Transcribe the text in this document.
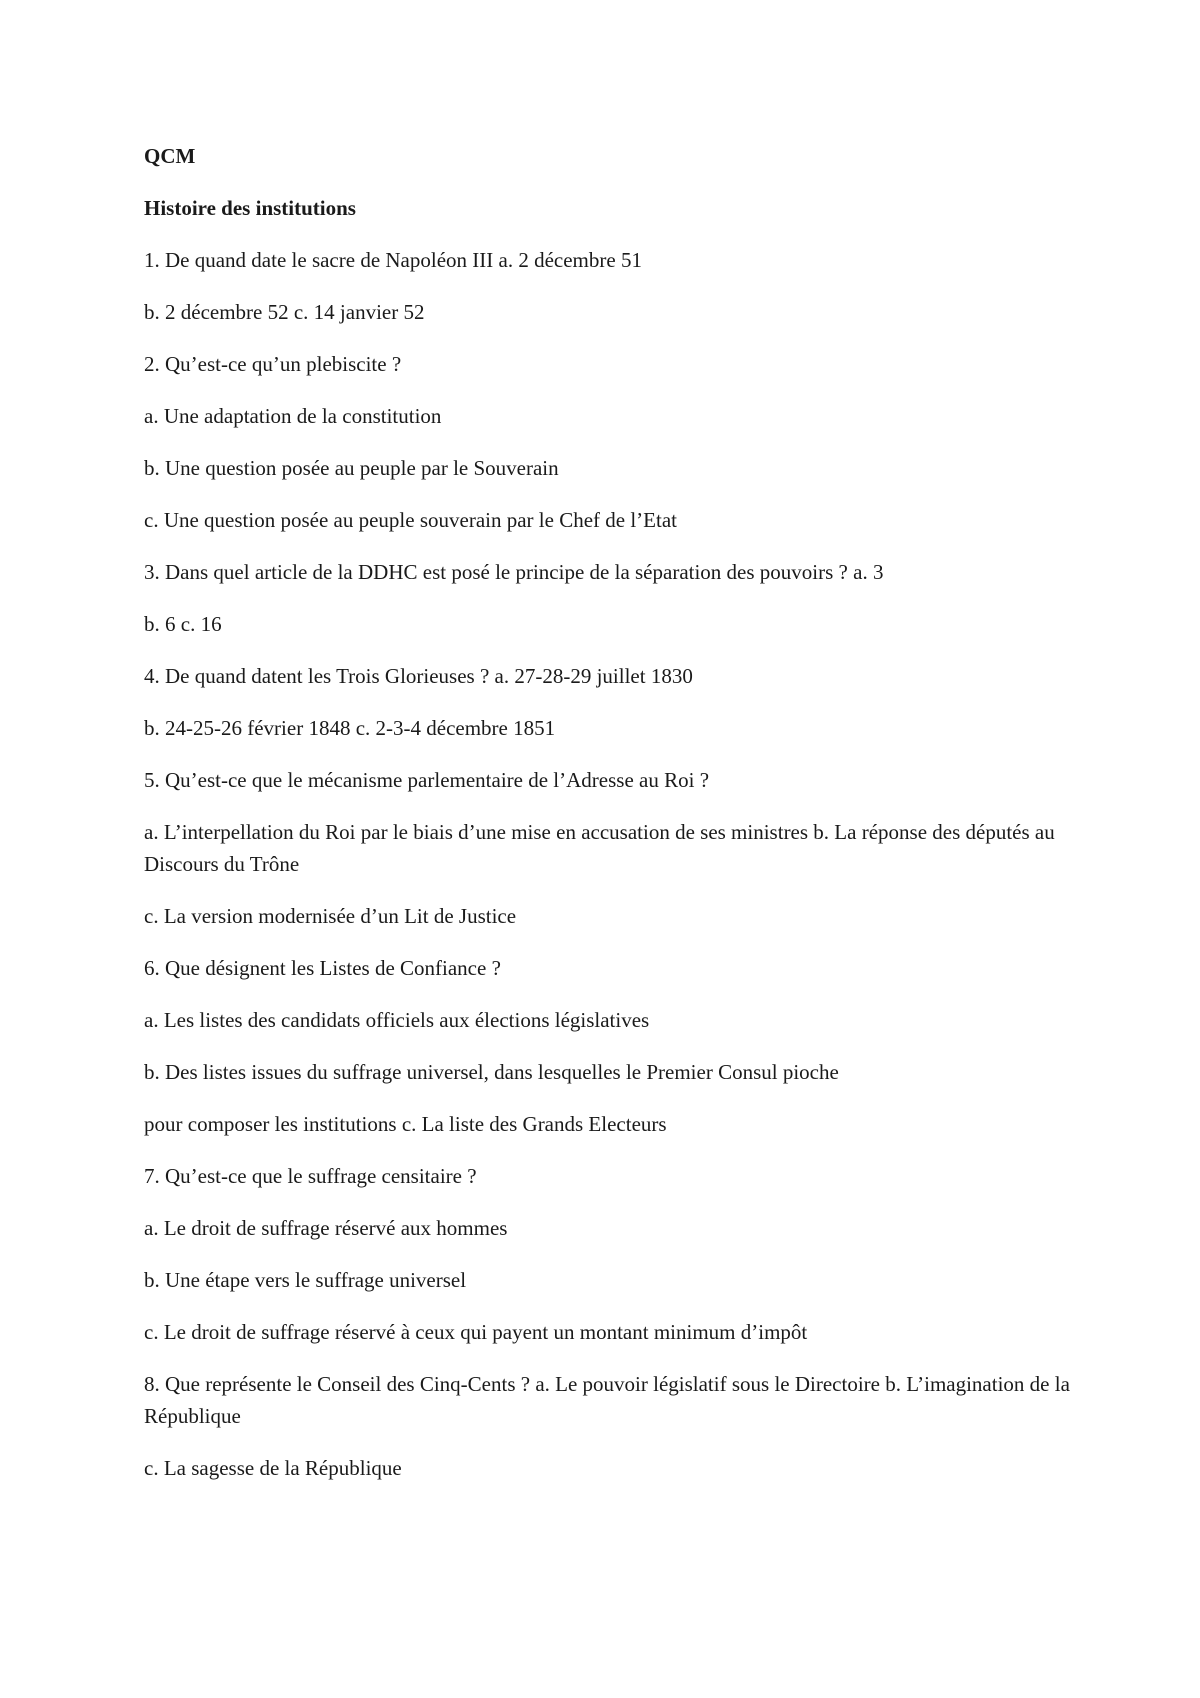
QCM

Histoire des institutions

1. De quand date le sacre de Napoléon III a. 2 décembre 51

b. 2 décembre 52 c. 14 janvier 52

2. Qu’est-ce qu’un plebiscite ?

a. Une adaptation de la constitution

b. Une question posée au peuple par le Souverain

c. Une question posée au peuple souverain par le Chef de l’Etat

3. Dans quel article de la DDHC est posé le principe de la séparation des pouvoirs ? a. 3

b. 6 c. 16

4. De quand datent les Trois Glorieuses ? a. 27-28-29 juillet 1830

b. 24-25-26 février 1848 c. 2-3-4 décembre 1851

5. Qu’est-ce que le mécanisme parlementaire de l’Adresse au Roi ?

a. L’interpellation du Roi par le biais d’une mise en accusation de ses ministres b. La réponse des députés au Discours du Trône

c. La version modernisée d’un Lit de Justice

6. Que désignent les Listes de Confiance ?

a. Les listes des candidats officiels aux élections législatives

b. Des listes issues du suffrage universel, dans lesquelles le Premier Consul pioche

pour composer les institutions c. La liste des Grands Electeurs

7. Qu’est-ce que le suffrage censitaire ?

a. Le droit de suffrage réservé aux hommes

b. Une étape vers le suffrage universel

c. Le droit de suffrage réservé à ceux qui payent un montant minimum d’impôt

8. Que représente le Conseil des Cinq-Cents ? a. Le pouvoir législatif sous le Directoire b. L’imagination de la République

c. La sagesse de la République
